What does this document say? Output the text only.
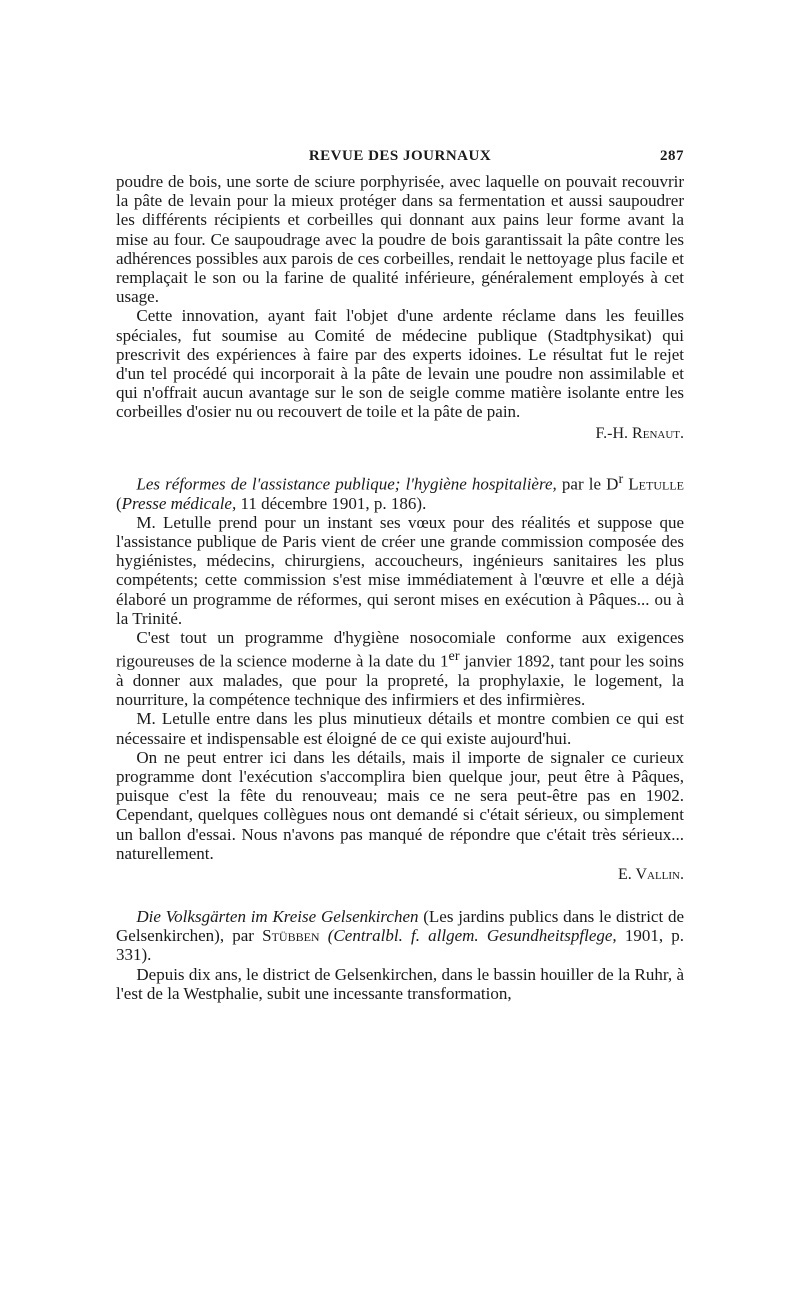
REVUE DES JOURNAUX	287

poudre de bois, une sorte de sciure porphyrisée, avec laquelle on pouvait recouvrir la pâte de levain pour la mieux protéger dans sa fermentation et aussi saupoudrer les différents récipients et corbeilles qui donnant aux pains leur forme avant la mise au four. Ce saupoudrage avec la poudre de bois garantissait la pâte contre les adhérences possibles aux parois de ces corbeilles, rendait le nettoyage plus facile et remplaçait le son ou la farine de qualité inférieure, généralement employés à cet usage.

Cette innovation, ayant fait l'objet d'une ardente réclame dans les feuilles spéciales, fut soumise au Comité de médecine publique (Stadtphysikat) qui prescrivit des expériences à faire par des experts idoines. Le résultat fut le rejet d'un tel procédé qui incorporait à la pâte de levain une poudre non assimilable et qui n'offrait aucun avantage sur le son de seigle comme matière isolante entre les corbeilles d'osier nu ou recouvert de toile et la pâte de pain.

F.-H. Renaut.

Les réformes de l'assistance publique; l'hygiène hospitalière, par le $D^r$ Letulle (Presse médicale, 11 décembre 1901, p. 186).

M. Letulle prend pour un instant ses vœux pour des réalités et suppose que l'assistance publique de Paris vient de créer une grande commission composée des hygiénistes, médecins, chirurgiens, accoucheurs, ingénieurs sanitaires les plus compétents; cette commission s'est mise immédiatement à l'œuvre et elle a déjà élaboré un programme de réformes, qui seront mises en exécution à Pâques... ou à la Trinité.

C'est tout un programme d'hygiène nosocomiale conforme aux exigences rigoureuses de la science moderne à la date du 1er janvier 1892, tant pour les soins à donner aux malades, que pour la propreté, la prophylaxie, le logement, la nourriture, la compétence technique des infirmiers et des infirmières.

M. Letulle entre dans les plus minutieux détails et montre combien ce qui est nécessaire et indispensable est éloigné de ce qui existe aujourd'hui.

On ne peut entrer ici dans les détails, mais il importe de signaler ce curieux programme dont l'exécution s'accomplira bien quelque jour, peut être à Pâques, puisque c'est la fête du renouveau; mais ce ne sera peut-être pas en 1902. Cependant, quelques collègues nous ont demandé si c'était sérieux, ou simplement un ballon d'essai. Nous n'avons pas manqué de répondre que c'était très sérieux... naturellement.

E. Vallin.

Die Volksgärten im Kreise Gelsenkirchen (Les jardins publics dans le district de Gelsenkirchen), par Stübben (Centralbl. f. allgem. Gesundheitspflege, 1901, p. 331).

Depuis dix ans, le district de Gelsenkirchen, dans le bassin houiller de la Ruhr, à l'est de la Westphalie, subit une incessante transformation,
